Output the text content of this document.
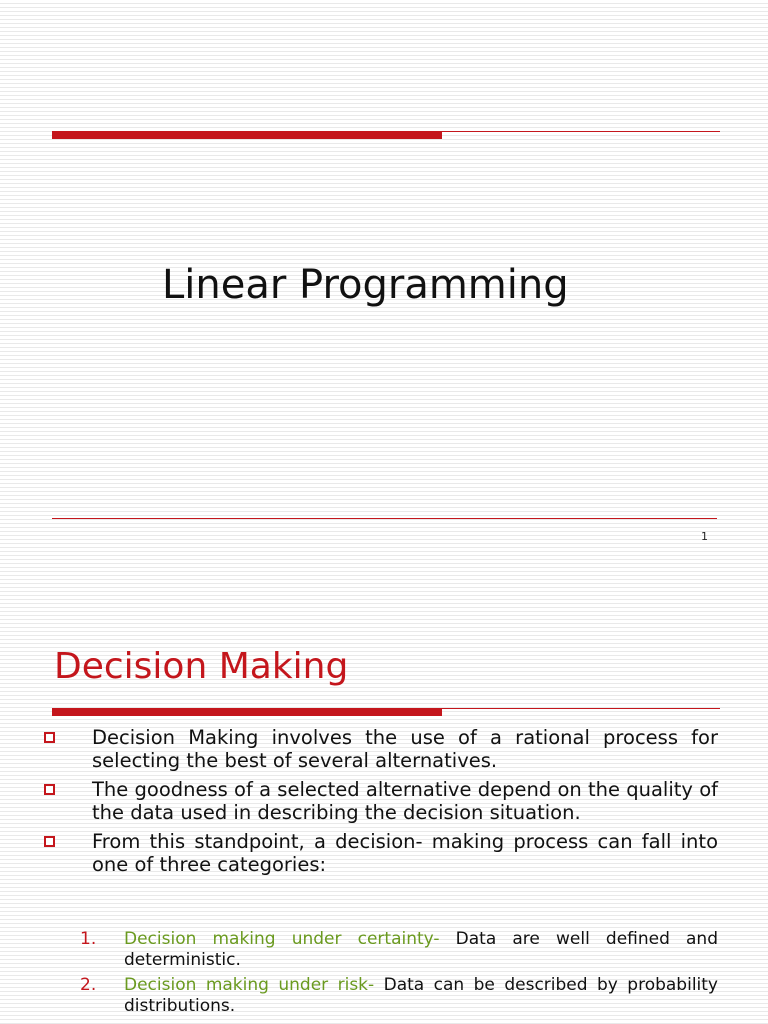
Linear Programming
1
Decision Making
Decision Making involves the use of a rational process for selecting the best of several alternatives.
The goodness of a selected alternative depend on the quality of the data used in describing the decision situation.
From this standpoint, a decision- making process can fall into one of three categories:
1. Decision making under certainty- Data are well defined and deterministic.
2. Decision making under risk- Data can be described by probability distributions.
